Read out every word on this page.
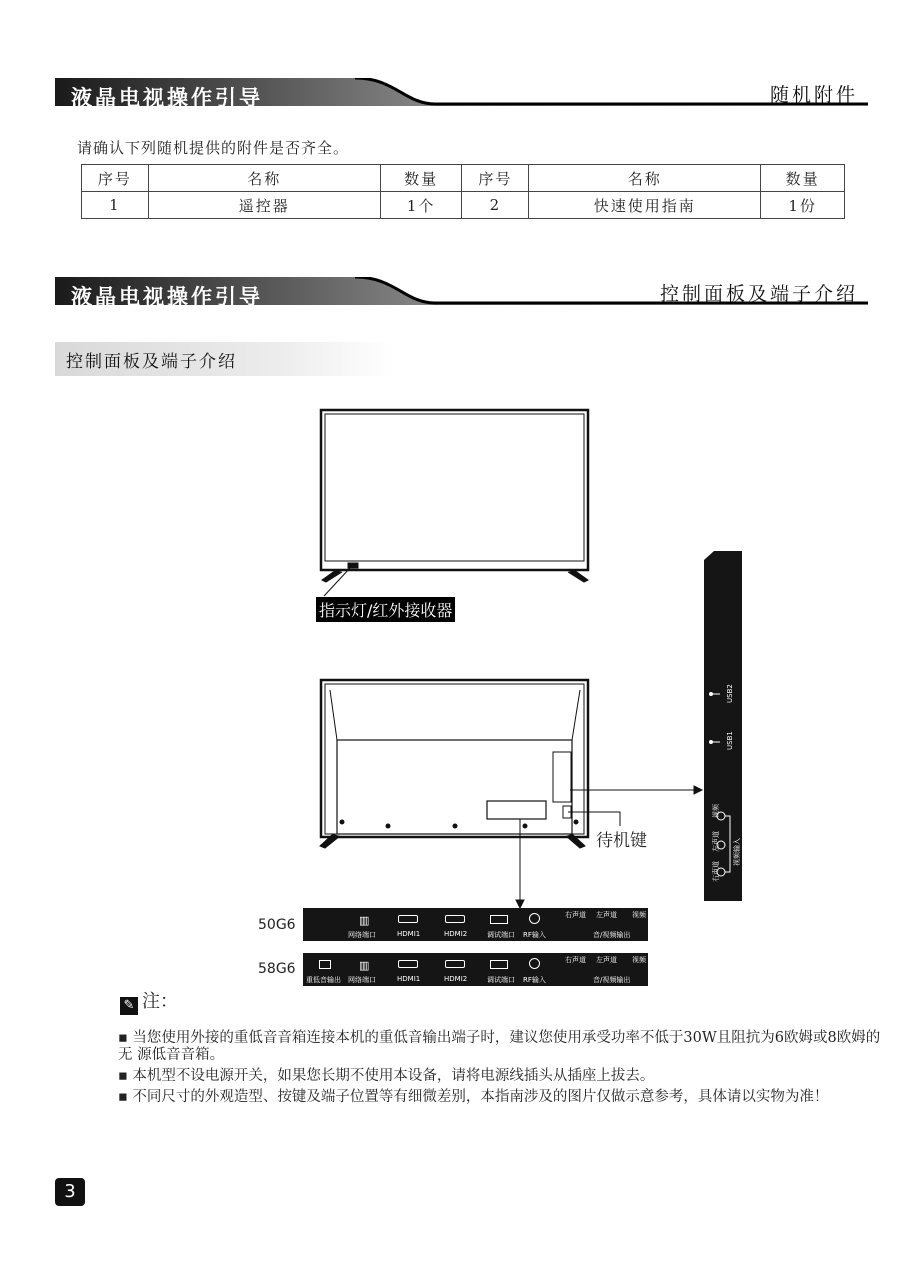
液晶电视操作引导	随机附件
请确认下列随机提供的附件是否齐全。
序号	名称	数量	序号	名称	数量
1	遥控器	1个	2	快速使用指南	1份
液晶电视操作引导	控制面板及端子介绍
控制面板及端子介绍
指示灯/红外接收器
待机键
USB2
USB1
视频
视频输入
左声道
右声道
50G6	▥
网络端口	HDMI1	HDMI2	调试端口 RF输入
右声道 左声道 视频
音/视频输出
58G6
重低音输出
▥
网络端口	HDMI1	HDMI2	调试端口 RF输入
右声道 左声道 视频
音/视频输出
✎ 注：

▪ 当您使用外接的重低音音箱连接本机的重低音输出端子时，建议您使用承受功率不低于30W且阻抗为6欧姆或8欧姆的无 源低音音箱。

▪ 本机型不设电源开关，如果您长期不使用本设备，请将电源线插头从插座上拔去。

▪ 不同尺寸的外观造型、按键及端子位置等有细微差别，本指南涉及的图片仅做示意参考，具体请以实物为准！

3
